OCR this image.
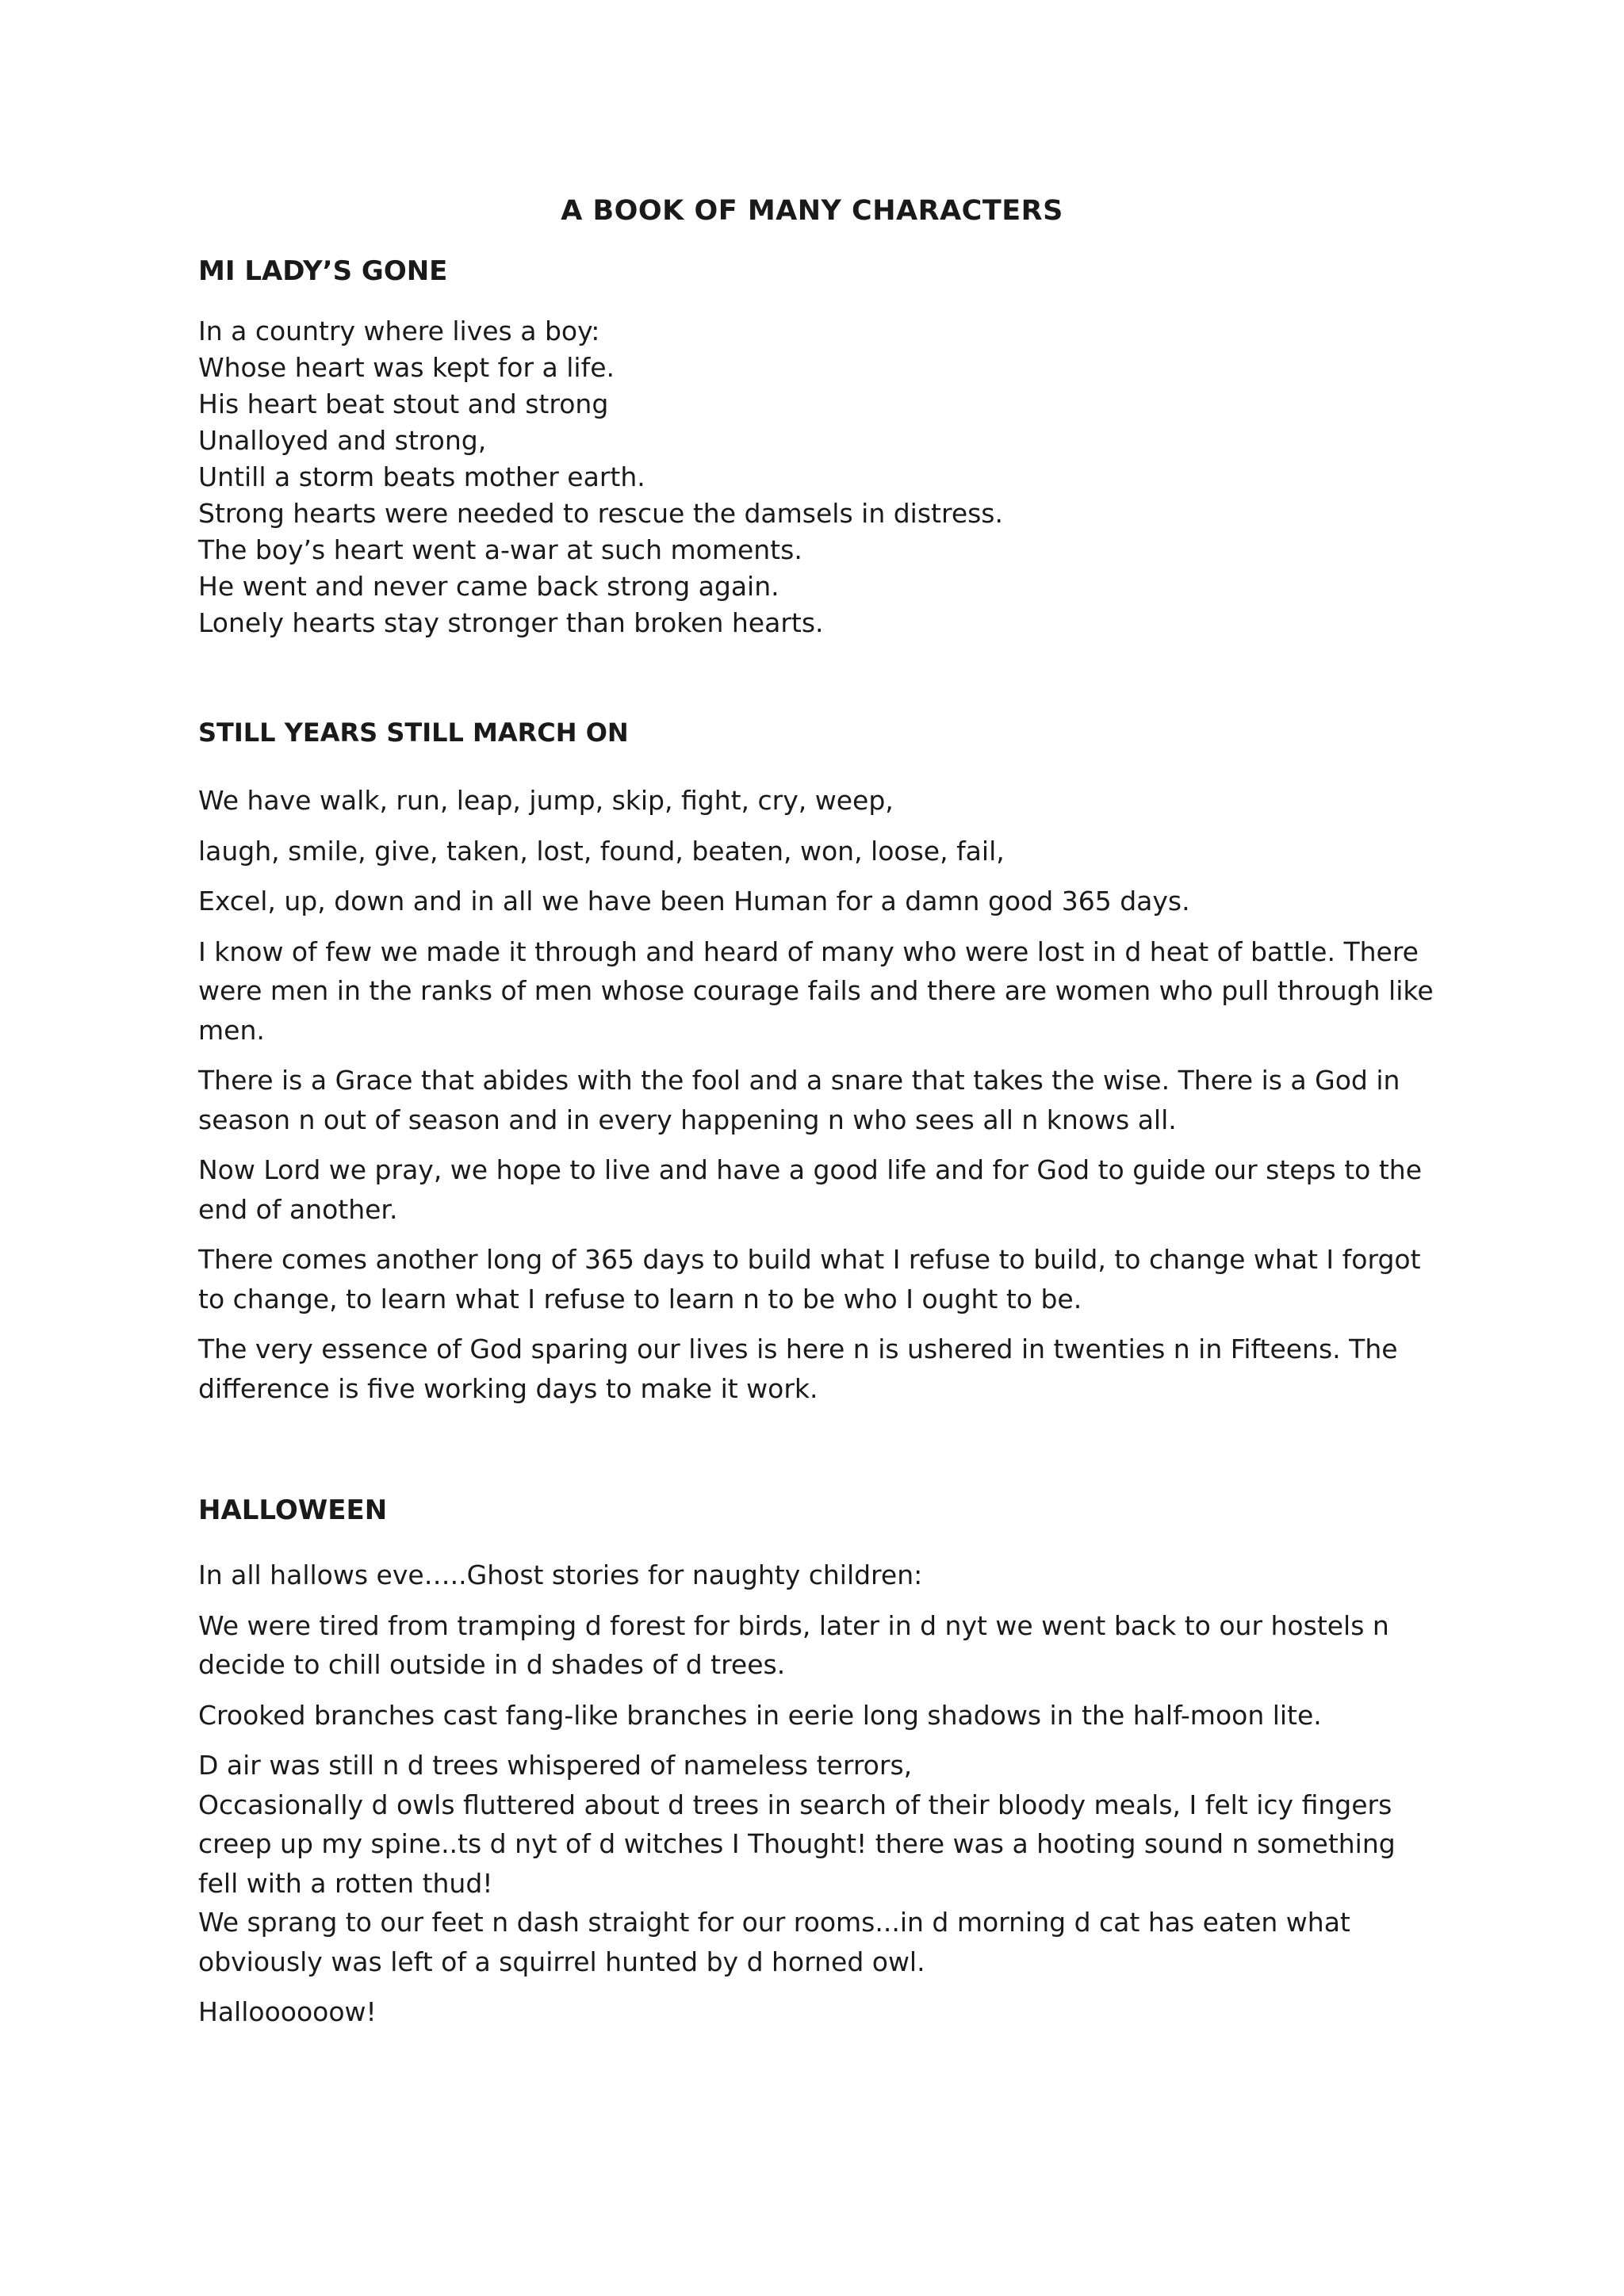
A BOOK OF MANY CHARACTERS
MI LADY’S GONE

In a country where lives a boy:

Whose heart was kept for a life.

His heart beat stout and strong

Unalloyed and strong,

Untill a storm beats mother earth.

Strong hearts were needed to rescue the damsels in distress.

The boy’s heart went a-war at such moments.

He went and never came back strong again.

Lonely hearts stay stronger than broken hearts.

STILL YEARS STILL MARCH ON

We have walk, run, leap, jump, skip, fight, cry, weep,

laugh, smile, give, taken, lost, found, beaten, won, loose, fail,

Excel, up, down and in all we have been Human for a damn good 365 days.

I know of few we made it through and heard of many who were lost in d heat of battle. There were men in the ranks of men whose courage fails and there are women who pull through like men.

There is a Grace that abides with the fool and a snare that takes the wise. There is a God in season n out of season and in every happening n who sees all n knows all.

Now Lord we pray, we hope to live and have a good life and for God to guide our steps to the end of another.

There comes another long of 365 days to build what I refuse to build, to change what I forgot to change, to learn what I refuse to learn n to be who I ought to be.

The very essence of God sparing our lives is here n is ushered in twenties n in Fifteens. The difference is five working days to make it work.

HALLOWEEN

In all hallows eve…..Ghost stories for naughty children:

We were tired from tramping d forest for birds, later in d nyt we went back to our hostels n decide to chill outside in d shades of d trees.

Crooked branches cast fang-like branches in eerie long shadows in the half-moon lite.

D air was still n d trees whispered of nameless terrors,

Occasionally d owls fluttered about d trees in search of their bloody meals, I felt icy fingers creep up my spine..ts d nyt of d witches I Thought! there was a hooting sound n something fell with a rotten thud!

We sprang to our feet n dash straight for our rooms...in d morning d cat has eaten what obviously was left of a squirrel hunted by d horned owl.

Halloooooow!
